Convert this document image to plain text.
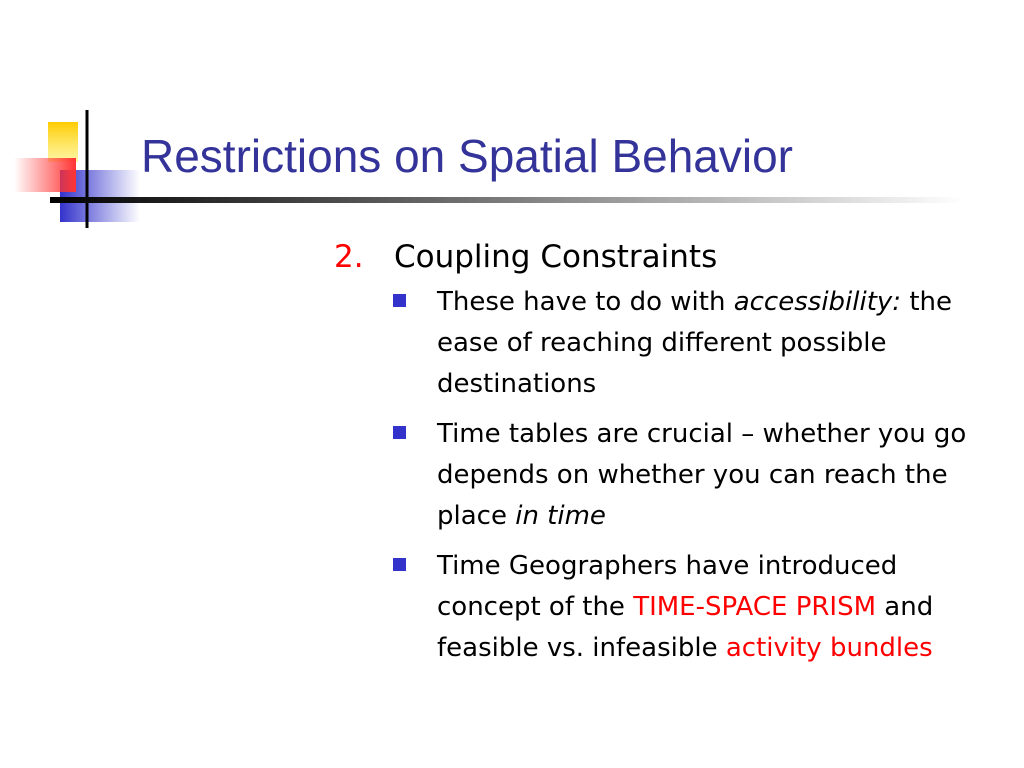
Restrictions on Spatial Behavior
2. Coupling Constraints
These have to do with accessibility: the ease of reaching different possible destinations
Time tables are crucial – whether you go depends on whether you can reach the place in time
Time Geographers have introduced concept of the TIME-SPACE PRISM and feasible vs. infeasible activity bundles
